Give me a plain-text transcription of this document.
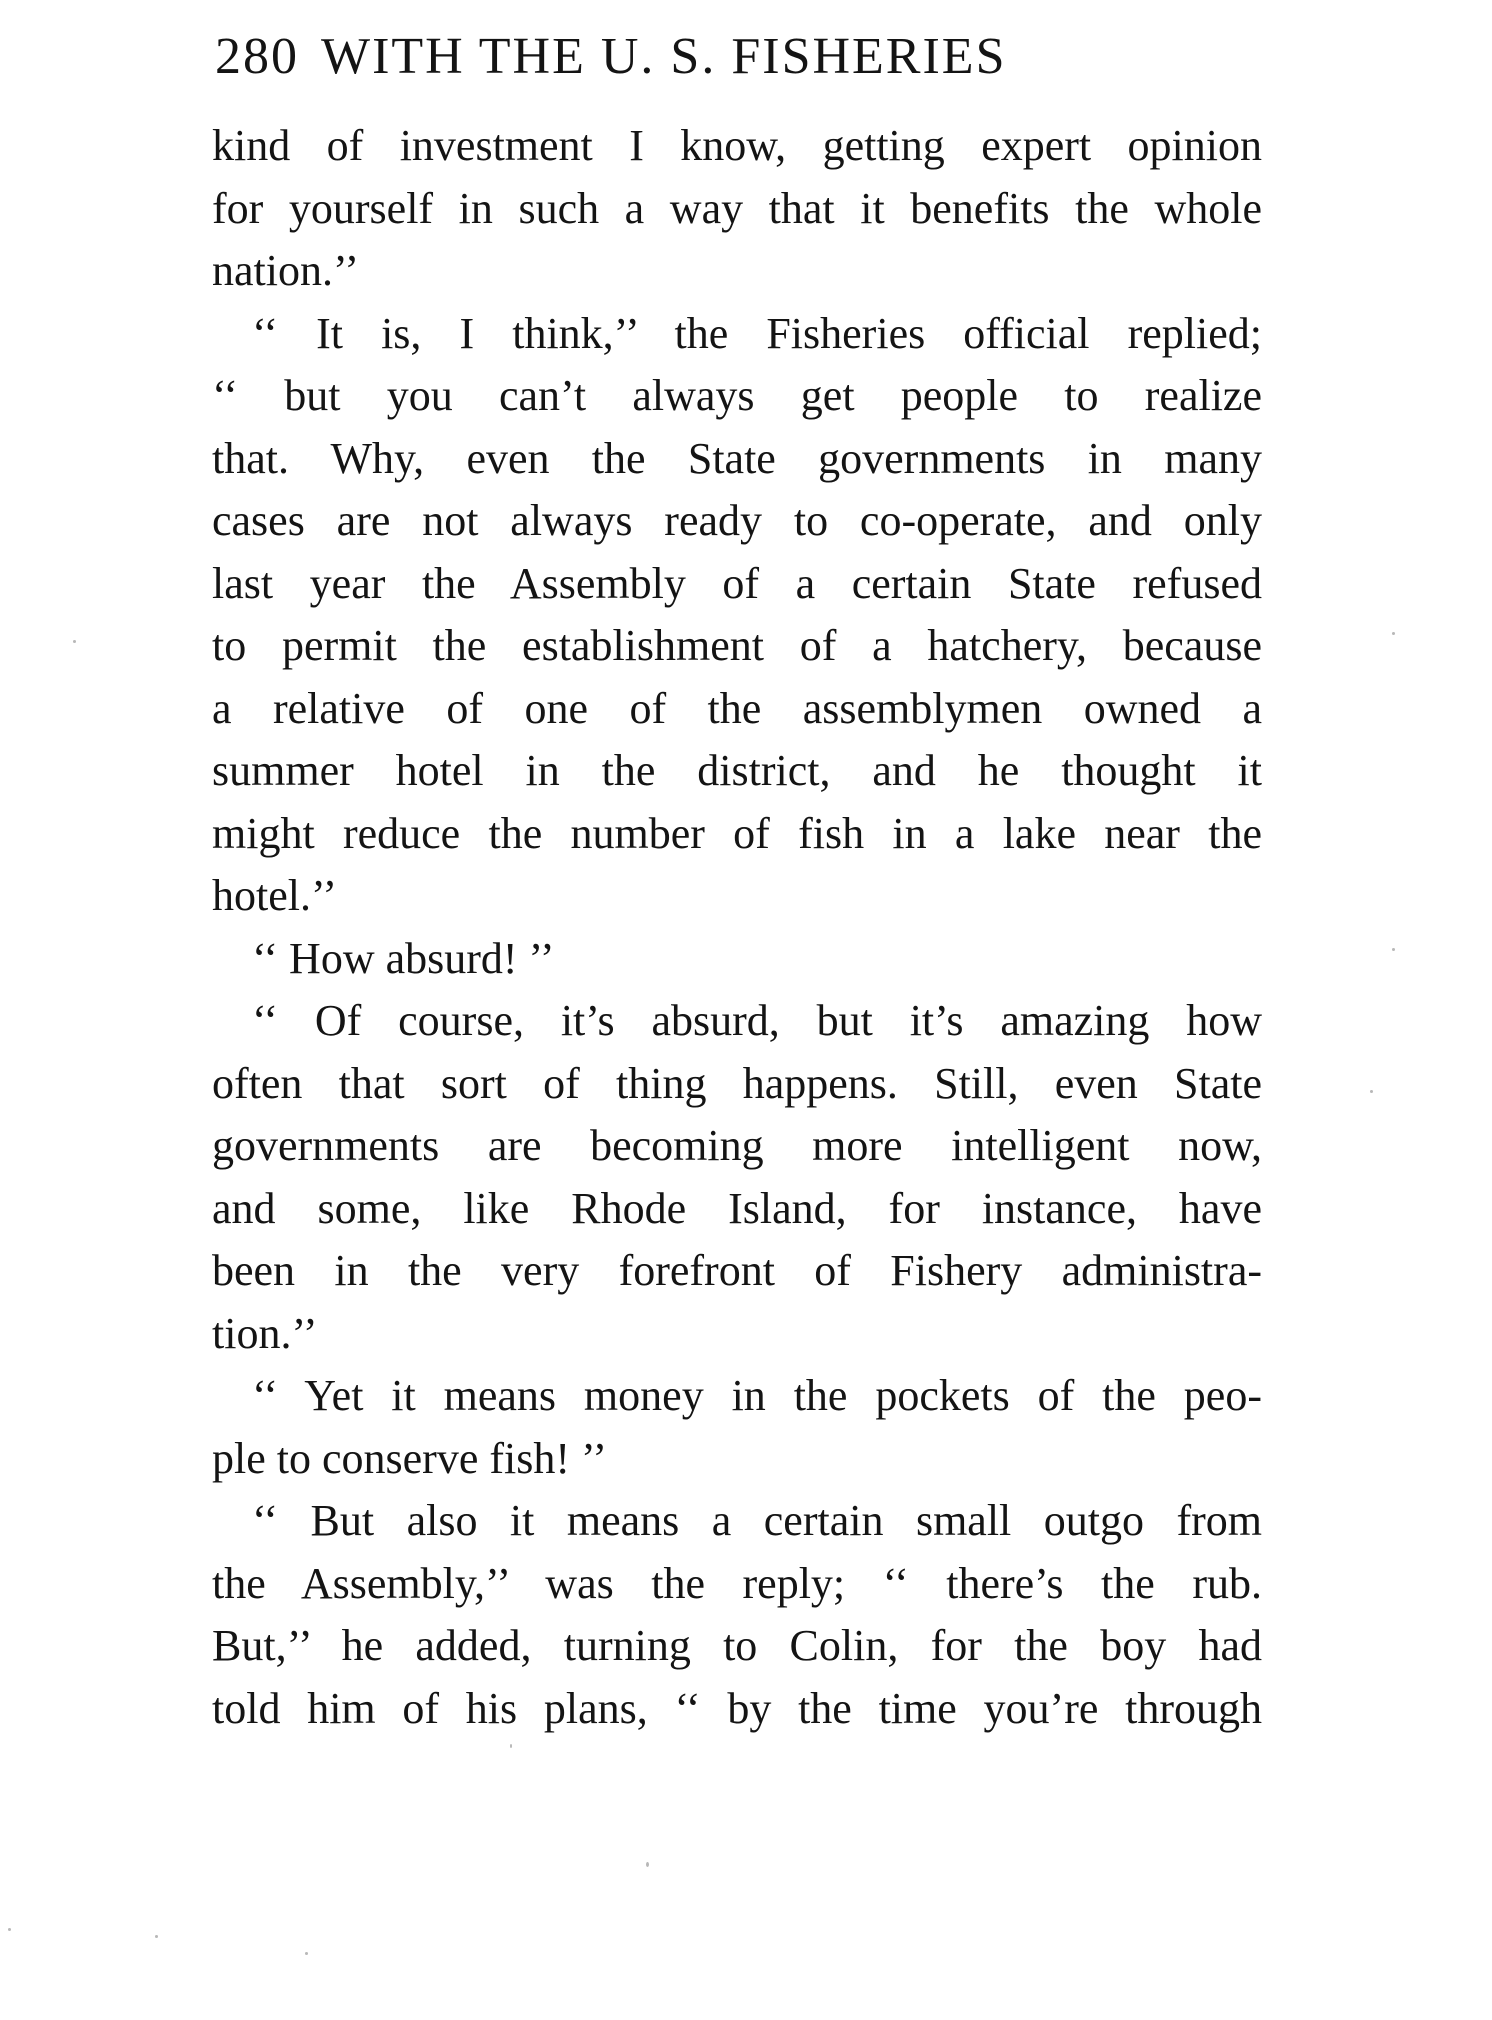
280 WITH THE U. S. FISHERIES
kind of investment I know, getting expert opinion
for yourself in such a way that it benefits the whole
nation.’’
‘‘ It is, I think,’’ the Fisheries official replied;
‘‘ but you can’t always get people to realize
that. Why, even the State governments in many
cases are not always ready to co-operate, and only
last year the Assembly of a certain State refused
to permit the establishment of a hatchery, because
a relative of one of the assemblymen owned a
summer hotel in the district, and he thought it
might reduce the number of fish in a lake near the
hotel.’’
‘‘ How absurd! ’’
‘‘ Of course, it’s absurd, but it’s amazing how
often that sort of thing happens. Still, even State
governments are becoming more intelligent now,
and some, like Rhode Island, for instance, have
been in the very forefront of Fishery administra-
tion.’’
‘‘ Yet it means money in the pockets of the peo-
ple to conserve fish! ’’
‘‘ But also it means a certain small outgo from
the Assembly,’’ was the reply; ‘‘ there’s the rub.
But,’’ he added, turning to Colin, for the boy had
told him of his plans, ‘‘ by the time you’re through
